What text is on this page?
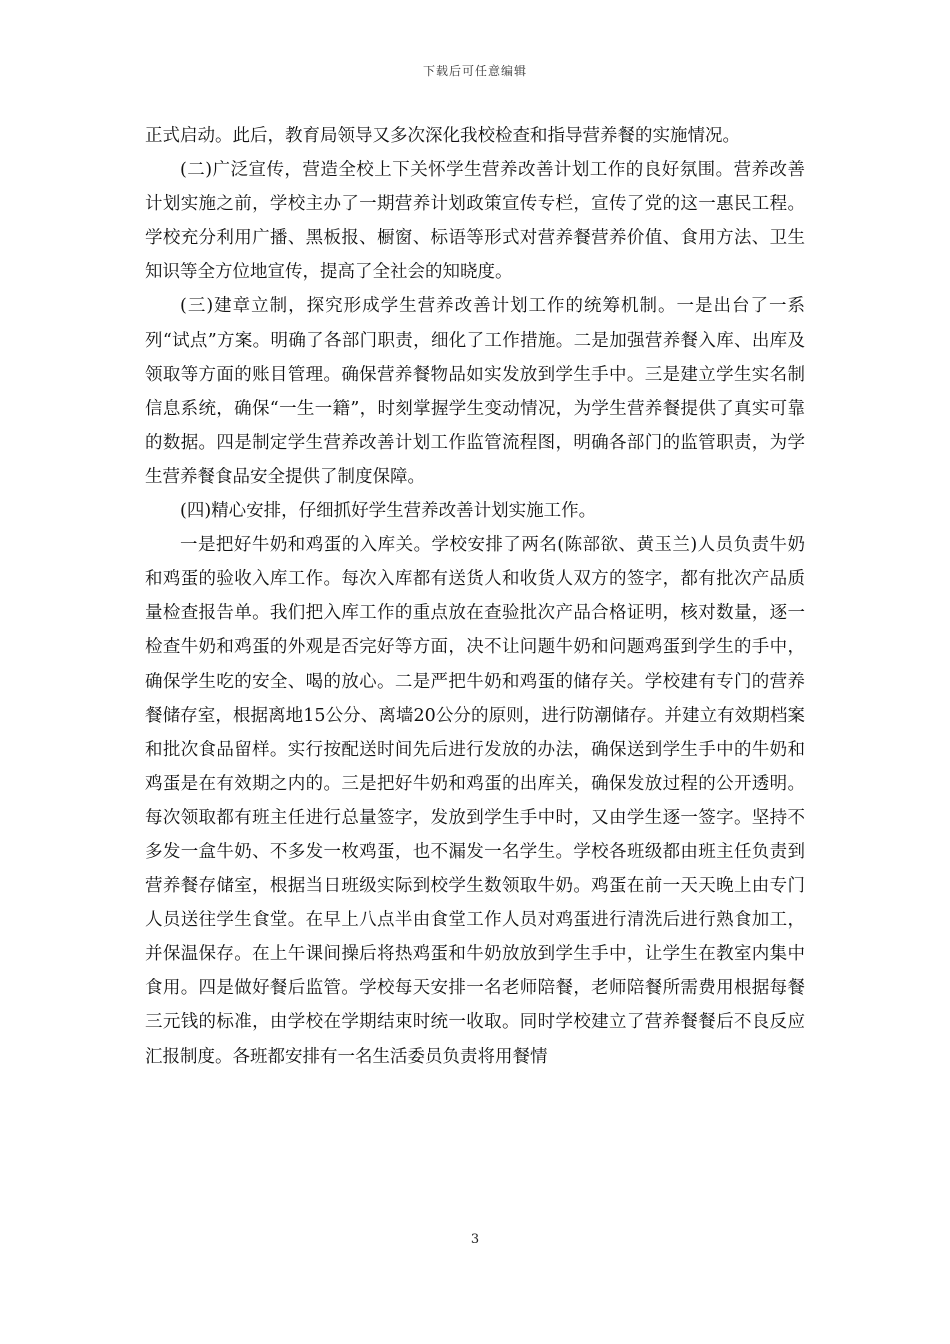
下载后可任意编辑

正式启动。此后，教育局领导又多次深化我校检查和指导营养餐的实施情况。

(二)广泛宣传，营造全校上下关怀学生营养改善计划工作的良好氛围。营养改善计划实施之前，学校主办了一期营养计划政策宣传专栏，宣传了党的这一惠民工程。学校充分利用广播、黑板报、橱窗、标语等形式对营养餐营养价值、食用方法、卫生知识等全方位地宣传，提高了全社会的知晓度。

(三)建章立制，探究形成学生营养改善计划工作的统筹机制。一是出台了一系列“试点”方案。明确了各部门职责，细化了工作措施。二是加强营养餐入库、出库及领取等方面的账目管理。确保营养餐物品如实发放到学生手中。三是建立学生实名制信息系统，确保“一生一籍”，时刻掌握学生变动情况，为学生营养餐提供了真实可靠的数据。四是制定学生营养改善计划工作监管流程图，明确各部门的监管职责，为学生营养餐食品安全提供了制度保障。

(四)精心安排，仔细抓好学生营养改善计划实施工作。

一是把好牛奶和鸡蛋的入库关。学校安排了两名(陈部欲、黄玉兰)人员负责牛奶和鸡蛋的验收入库工作。每次入库都有送货人和收货人双方的签字，都有批次产品质量检查报告单。我们把入库工作的重点放在查验批次产品合格证明，核对数量，逐一检查牛奶和鸡蛋的外观是否完好等方面，决不让问题牛奶和问题鸡蛋到学生的手中，确保学生吃的安全、喝的放心。二是严把牛奶和鸡蛋的储存关。学校建有专门的营养餐储存室，根据离地15公分、离墙20公分的原则，进行防潮储存。并建立有效期档案和批次食品留样。实行按配送时间先后进行发放的办法，确保送到学生手中的牛奶和鸡蛋是在有效期之内的。三是把好牛奶和鸡蛋的出库关，确保发放过程的公开透明。每次领取都有班主任进行总量签字，发放到学生手中时，又由学生逐一签字。坚持不多发一盒牛奶、不多发一枚鸡蛋，也不漏发一名学生。学校各班级都由班主任负责到营养餐存储室，根据当日班级实际到校学生数领取牛奶。鸡蛋在前一天天晚上由专门人员送往学生食堂。在早上八点半由食堂工作人员对鸡蛋进行清洗后进行熟食加工，并保温保存。在上午课间操后将热鸡蛋和牛奶放放到学生手中，让学生在教室内集中食用。四是做好餐后监管。学校每天安排一名老师陪餐，老师陪餐所需费用根据每餐三元钱的标准，由学校在学期结束时统一收取。同时学校建立了营养餐餐后不良反应汇报制度。各班都安排有一名生活委员负责将用餐情

3
